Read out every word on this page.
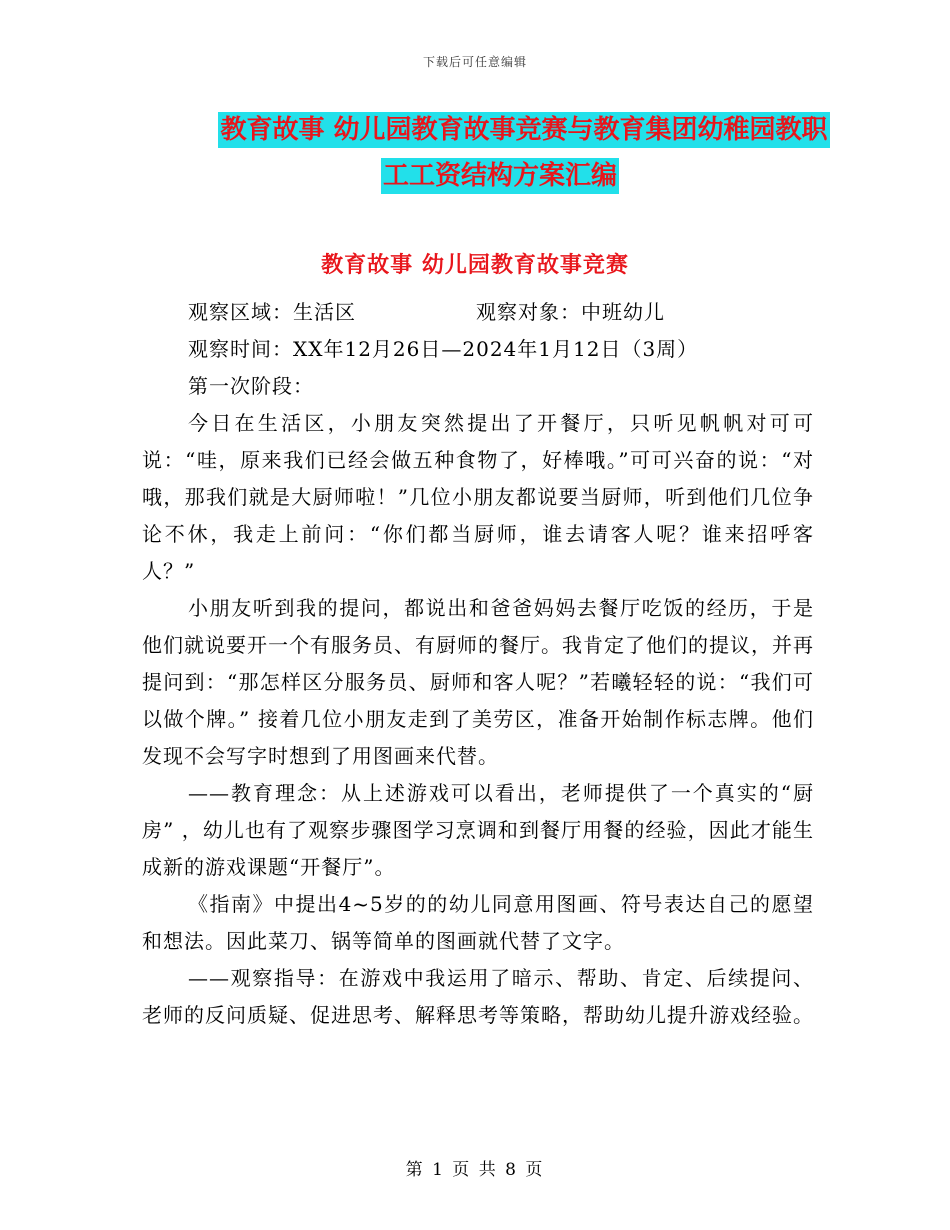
下载后可任意编辑
教育故事 幼儿园教育故事竞赛与教育集团幼稚园教职
工工资结构方案汇编
教育故事 幼儿园教育故事竞赛
观察区域：生活区	观察对象：中班幼儿
观察时间：XX年12月26日—2024年1月12日（3周）
第一次阶段：

今日在生活区，小朋友突然提出了开餐厅，只听见帆帆对可可说：“哇，原来我们已经会做五种食物了，好棒哦。”可可兴奋的说：“对哦，那我们就是大厨师啦！”几位小朋友都说要当厨师，听到他们几位争论不休，我走上前问：“你们都当厨师，谁去请客人呢？谁来招呼客人？”

小朋友听到我的提问，都说出和爸爸妈妈去餐厅吃饭的经历，于是他们就说要开一个有服务员、有厨师的餐厅。我肯定了他们的提议，并再提问到：“那怎样区分服务员、厨师和客人呢？”若曦轻轻的说：“我们可以做个牌。” 接着几位小朋友走到了美劳区，准备开始制作标志牌。他们发现不会写字时想到了用图画来代替。

——教育理念：从上述游戏可以看出，老师提供了一个真实的“厨房” ，幼儿也有了观察步骤图学习烹调和到餐厅用餐的经验，因此才能生成新的游戏课题“开餐厅”。

《指南》中提出4~5岁的的幼儿同意用图画、符号表达自己的愿望和想法。因此菜刀、锅等简单的图画就代替了文字。

——观察指导：在游戏中我运用了暗示、帮助、肯定、后续提问、老师的反问质疑、促进思考、解释思考等策略，帮助幼儿提升游戏经验。

第 1 页 共 8 页
